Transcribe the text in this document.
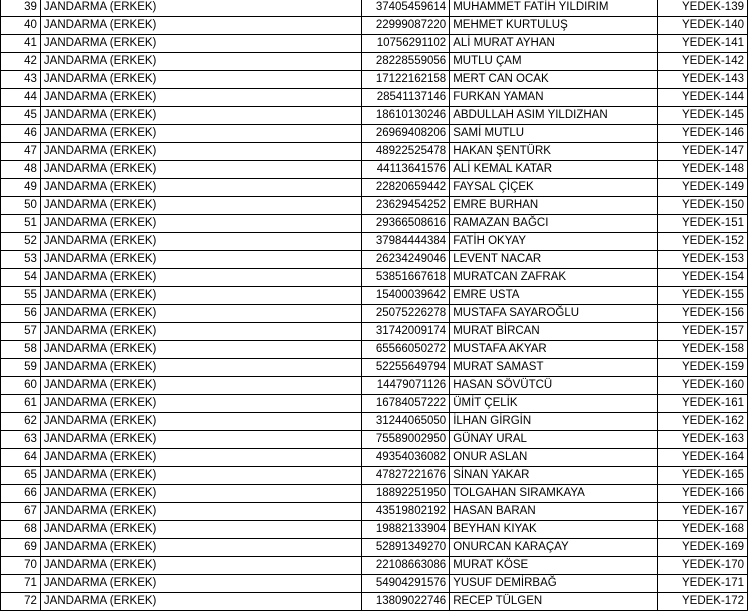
39	JANDARMA (ERKEK)	37405459614	MUHAMMET FATİH YILDIRIM	YEDEK-139
40	JANDARMA (ERKEK)	22999087220	MEHMET KURTULUŞ	YEDEK-140
41	JANDARMA (ERKEK)	10756291102	ALİ MURAT AYHAN	YEDEK-141
42	JANDARMA (ERKEK)	28228559056	MUTLU ÇAM	YEDEK-142
43	JANDARMA (ERKEK)	17122162158	MERT CAN OCAK	YEDEK-143
44	JANDARMA (ERKEK)	28541137146	FURKAN YAMAN	YEDEK-144
45	JANDARMA (ERKEK)	18610130246	ABDULLAH ASIM YILDIZHAN	YEDEK-145
46	JANDARMA (ERKEK)	26969408206	SAMİ MUTLU	YEDEK-146
47	JANDARMA (ERKEK)	48922525478	HAKAN ŞENTÜRK	YEDEK-147
48	JANDARMA (ERKEK)	44113641576	ALİ KEMAL KATAR	YEDEK-148
49	JANDARMA (ERKEK)	22820659442	FAYSAL ÇİÇEK	YEDEK-149
50	JANDARMA (ERKEK)	23629454252	EMRE BURHAN	YEDEK-150
51	JANDARMA (ERKEK)	29366508616	RAMAZAN BAĞCI	YEDEK-151
52	JANDARMA (ERKEK)	37984444384	FATİH OKYAY	YEDEK-152
53	JANDARMA (ERKEK)	26234249046	LEVENT NACAR	YEDEK-153
54	JANDARMA (ERKEK)	53851667618	MURATCAN ZAFRAK	YEDEK-154
55	JANDARMA (ERKEK)	15400039642	EMRE USTA	YEDEK-155
56	JANDARMA (ERKEK)	25075226278	MUSTAFA SAYAROĞLU	YEDEK-156
57	JANDARMA (ERKEK)	31742009174	MURAT BİRCAN	YEDEK-157
58	JANDARMA (ERKEK)	65566050272	MUSTAFA AKYAR	YEDEK-158
59	JANDARMA (ERKEK)	52255649794	MURAT SAMAST	YEDEK-159
60	JANDARMA (ERKEK)	14479071126	HASAN SÖVÜTCÜ	YEDEK-160
61	JANDARMA (ERKEK)	16784057222	ÜMİT ÇELİK	YEDEK-161
62	JANDARMA (ERKEK)	31244065050	İLHAN GİRGİN	YEDEK-162
63	JANDARMA (ERKEK)	75589002950	GÜNAY URAL	YEDEK-163
64	JANDARMA (ERKEK)	49354036082	ONUR ASLAN	YEDEK-164
65	JANDARMA (ERKEK)	47827221676	SİNAN YAKAR	YEDEK-165
66	JANDARMA (ERKEK)	18892251950	TOLGAHAN SIRAMKAYA	YEDEK-166
67	JANDARMA (ERKEK)	43519802192	HASAN BARAN	YEDEK-167
68	JANDARMA (ERKEK)	19882133904	BEYHAN KIYAK	YEDEK-168
69	JANDARMA (ERKEK)	52891349270	ONURCAN KARAÇAY	YEDEK-169
70	JANDARMA (ERKEK)	22108663086	MURAT KÖSE	YEDEK-170
71	JANDARMA (ERKEK)	54904291576	YUSUF DEMİRBAĞ	YEDEK-171
72	JANDARMA (ERKEK)	13809022746	RECEP TÜLGEN	YEDEK-172
